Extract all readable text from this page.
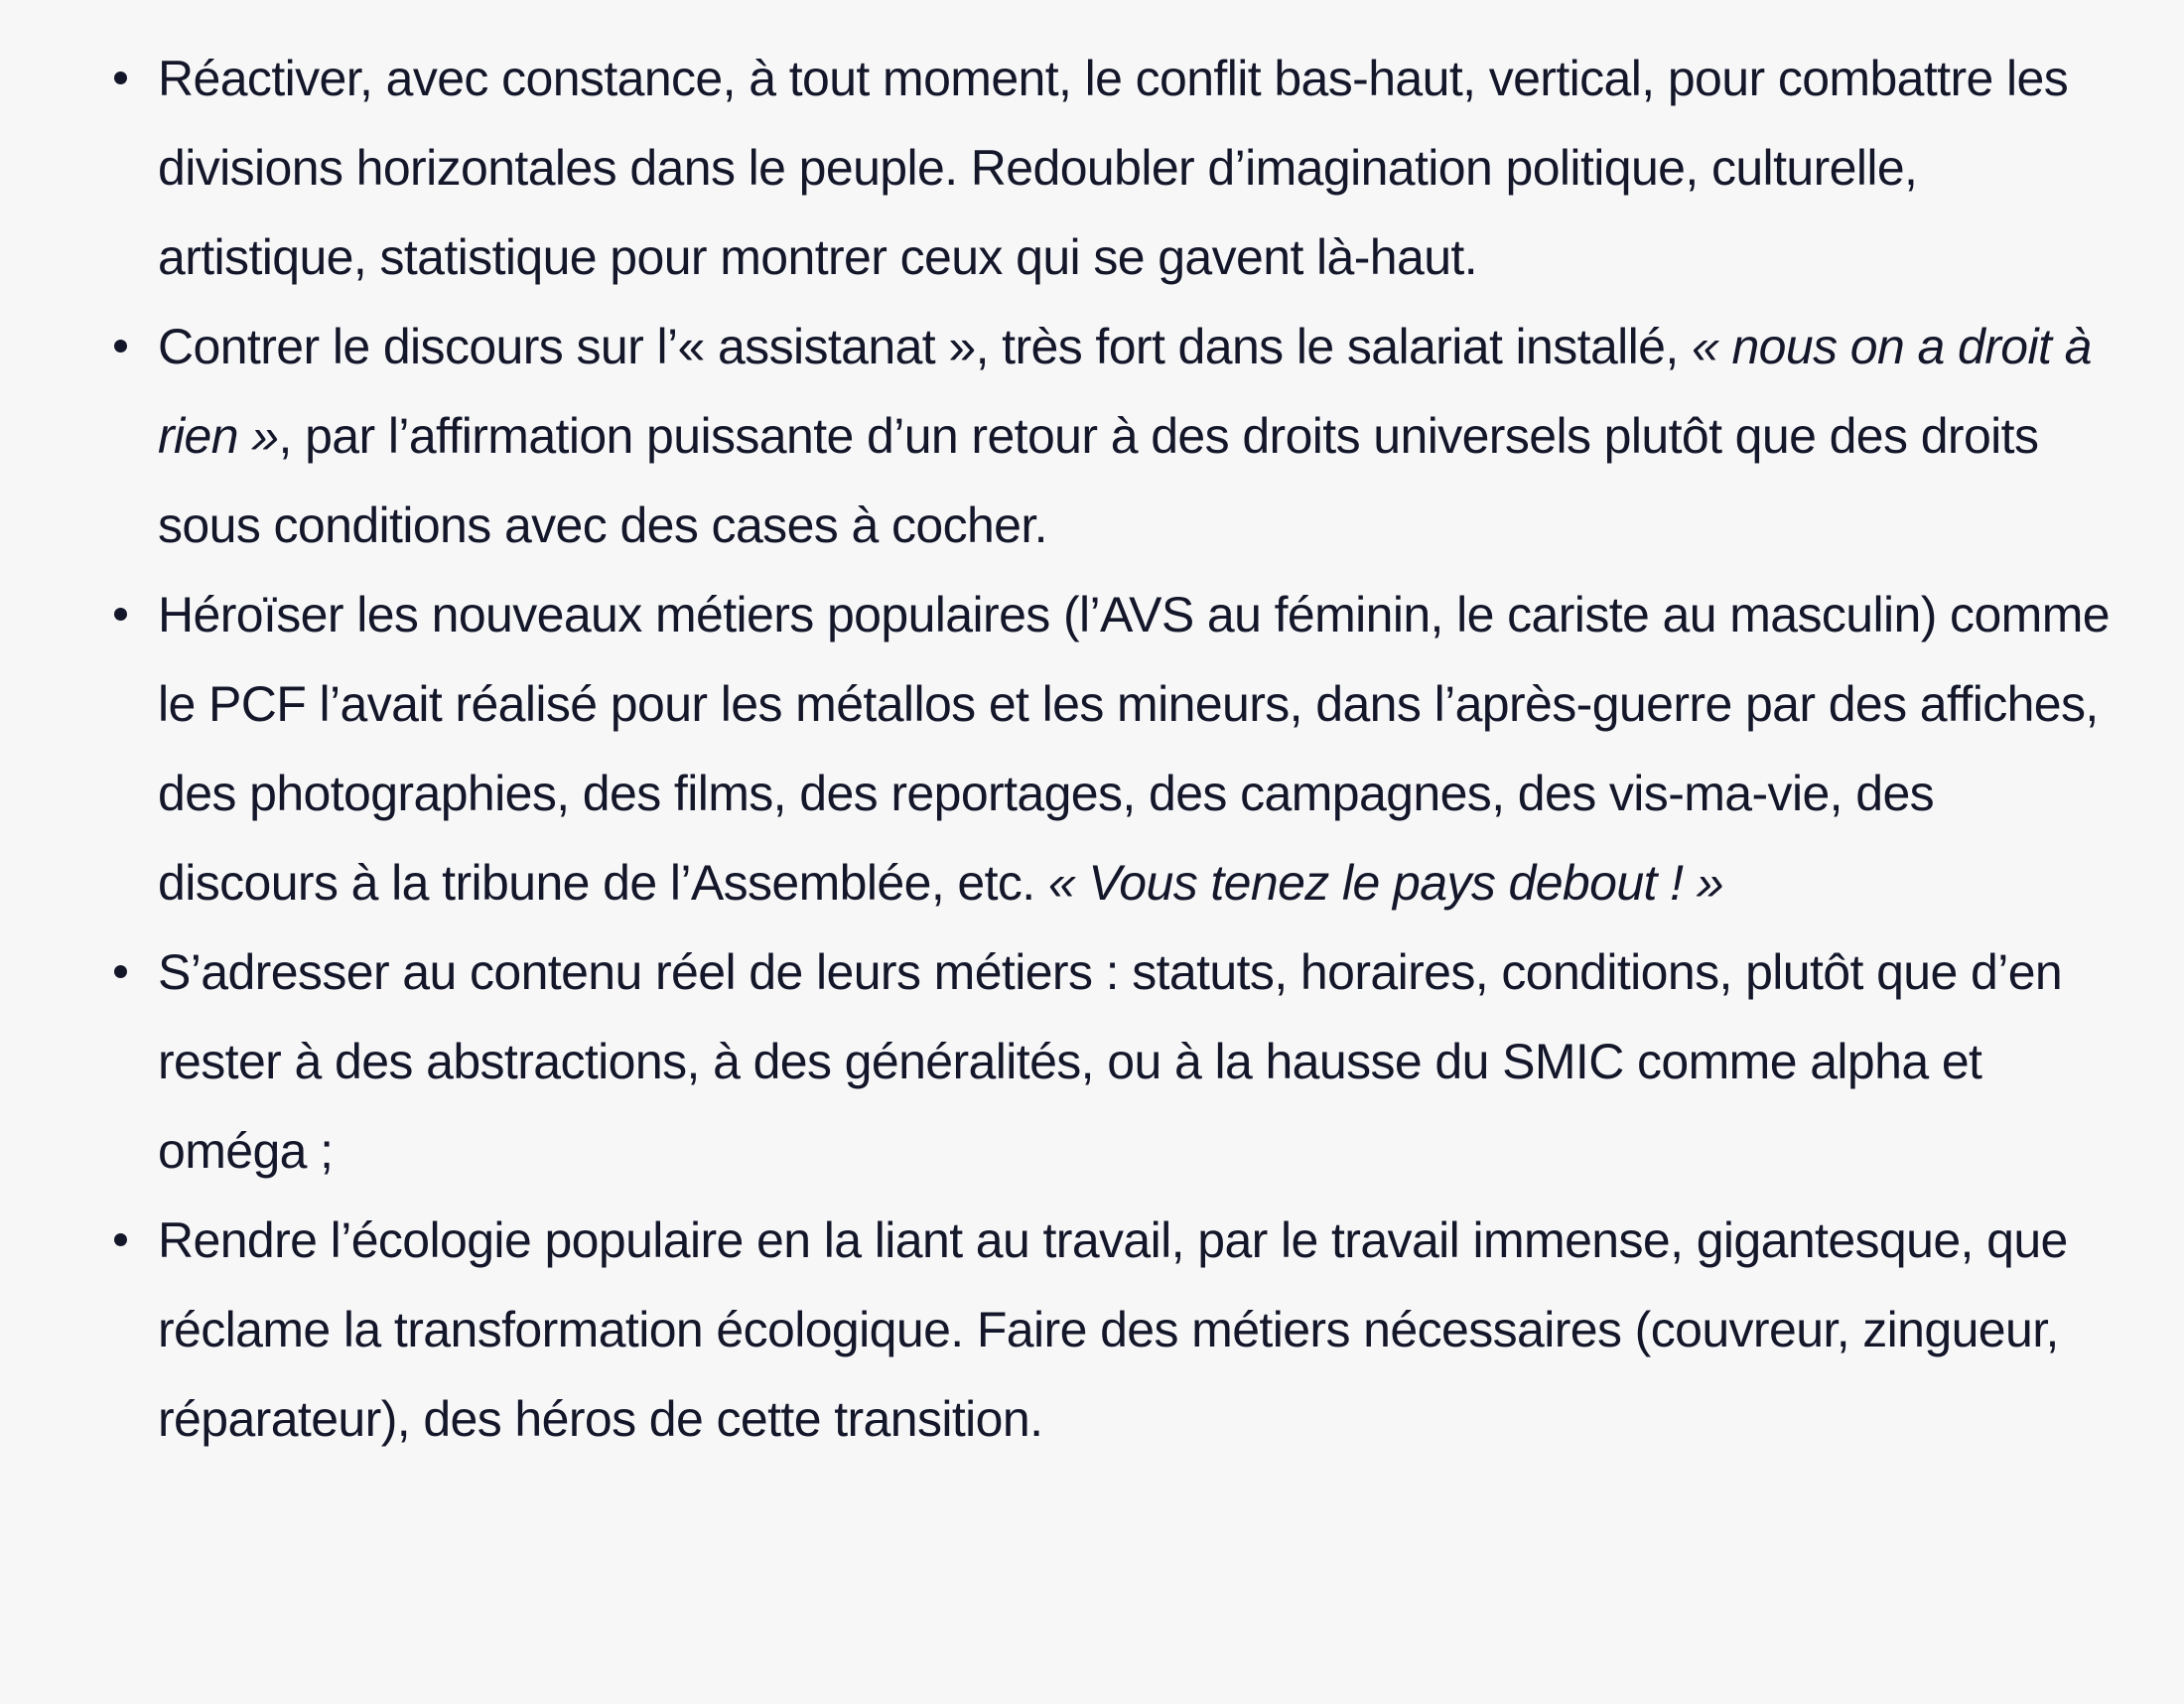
Réactiver, avec constance, à tout moment, le conflit bas-haut, vertical, pour combattre les divisions horizontales dans le peuple. Redoubler d’imagination politique, culturelle, artistique, statistique pour montrer ceux qui se gavent là-haut.
Contrer le discours sur l’« assistanat », très fort dans le salariat installé, « nous on a droit à rien », par l’affirmation puissante d’un retour à des droits universels plutôt que des droits sous conditions avec des cases à cocher.
Héroïser les nouveaux métiers populaires (l’AVS au féminin, le cariste au masculin) comme le PCF l’avait réalisé pour les métallos et les mineurs, dans l’après-guerre par des affiches, des photographies, des films, des reportages, des campagnes, des vis-ma-vie, des discours à la tribune de l’Assemblée, etc. « Vous tenez le pays debout ! »
S’adresser au contenu réel de leurs métiers : statuts, horaires, conditions, plutôt que d’en rester à des abstractions, à des généralités, ou à la hausse du SMIC comme alpha et oméga ;
Rendre l’écologie populaire en la liant au travail, par le travail immense, gigantesque, que réclame la transformation écologique. Faire des métiers nécessaires (couvreur, zingueur, réparateur), des héros de cette transition.
